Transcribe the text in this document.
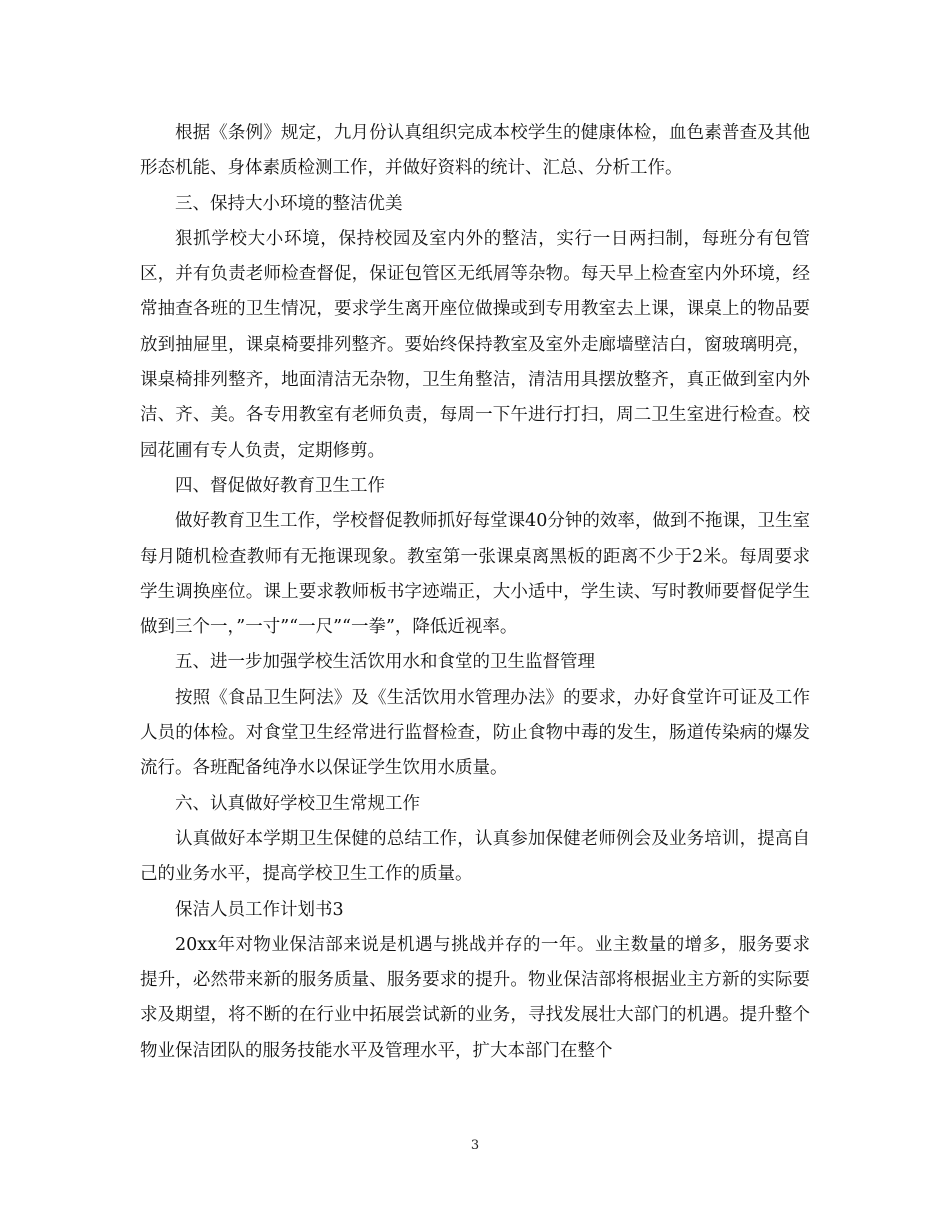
根据《条例》规定，九月份认真组织完成本校学生的健康体检，血色素普查及其他形态机能、身体素质检测工作，并做好资料的统计、汇总、分析工作。

三、保持大小环境的整洁优美

狠抓学校大小环境，保持校园及室内外的整洁，实行一日两扫制，每班分有包管区，并有负责老师检查督促，保证包管区无纸屑等杂物。每天早上检查室内外环境，经常抽查各班的卫生情况，要求学生离开座位做操或到专用教室去上课，课桌上的物品要放到抽屉里，课桌椅要排列整齐。要始终保持教室及室外走廊墙壁洁白，窗玻璃明亮，课桌椅排列整齐，地面清洁无杂物，卫生角整洁，清洁用具摆放整齐，真正做到室内外洁、齐、美。各专用教室有老师负责，每周一下午进行打扫，周二卫生室进行检查。校园花圃有专人负责，定期修剪。

四、督促做好教育卫生工作

做好教育卫生工作，学校督促教师抓好每堂课40分钟的效率，做到不拖课，卫生室每月随机检查教师有无拖课现象。教室第一张课桌离黑板的距离不少于2米。每周要求学生调换座位。课上要求教师板书字迹端正，大小适中，学生读、写时教师要督促学生做到三个一，”一寸”“一尺”“一拳”，降低近视率。

五、进一步加强学校生活饮用水和食堂的卫生监督管理

按照《食品卫生阿法》及《生活饮用水管理办法》的要求，办好食堂许可证及工作人员的体检。对食堂卫生经常进行监督检查，防止食物中毒的发生，肠道传染病的爆发流行。各班配备纯净水以保证学生饮用水质量。

六、认真做好学校卫生常规工作

认真做好本学期卫生保健的总结工作，认真参加保健老师例会及业务培训，提高自己的业务水平，提高学校卫生工作的质量。

保洁人员工作计划书3

20xx年对物业保洁部来说是机遇与挑战并存的一年。业主数量的增多，服务要求提升，必然带来新的服务质量、服务要求的提升。物业保洁部将根据业主方新的实际要求及期望，将不断的在行业中拓展尝试新的业务，寻找发展壮大部门的机遇。提升整个物业保洁团队的服务技能水平及管理水平，扩大本部门在整个

3
